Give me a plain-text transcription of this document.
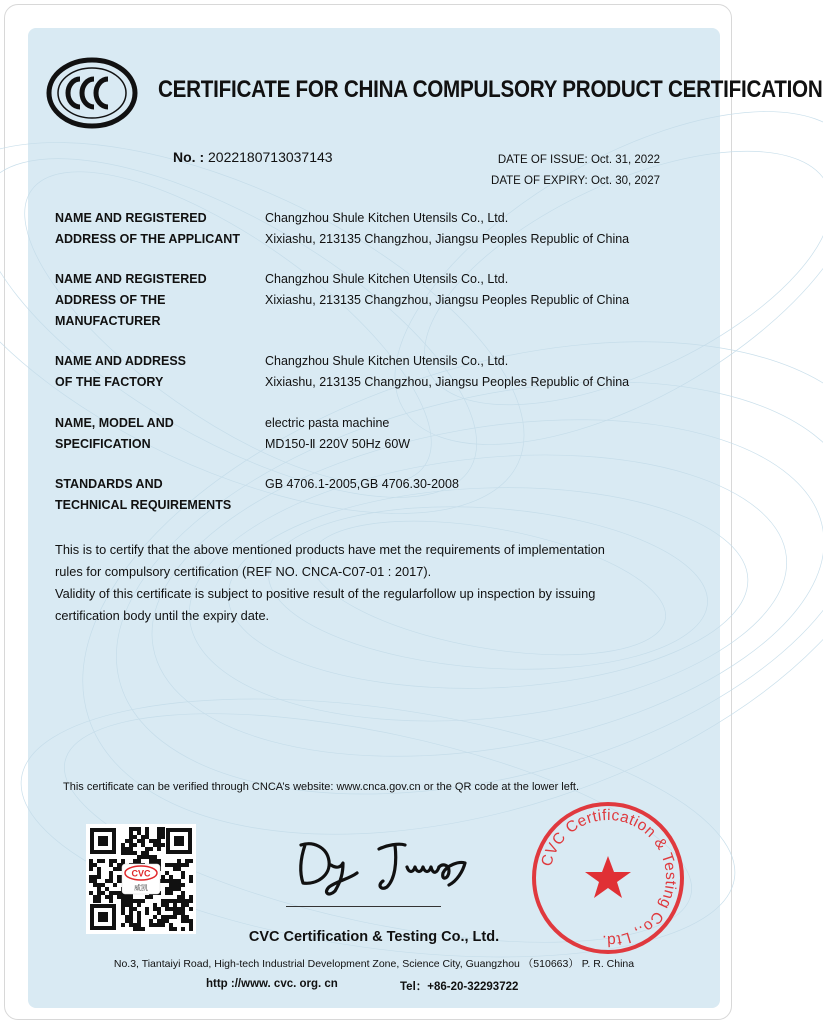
CERTIFICATE FOR CHINA COMPULSORY PRODUCT CERTIFICATION
No. : 2022180713037143	DATE OF ISSUE: Oct. 31, 2022
DATE OF EXPIRY: Oct. 30, 2027
NAME AND REGISTERED
ADDRESS OF THE APPLICANT
Changzhou Shule Kitchen Utensils Co., Ltd.
Xixiashu, 213135 Changzhou, Jiangsu Peoples Republic of China
NAME AND REGISTERED
ADDRESS OF THE
MANUFACTURER
Changzhou Shule Kitchen Utensils Co., Ltd.
Xixiashu, 213135 Changzhou, Jiangsu Peoples Republic of China
NAME AND ADDRESS
OF THE FACTORY
Changzhou Shule Kitchen Utensils Co., Ltd.
Xixiashu, 213135 Changzhou, Jiangsu Peoples Republic of China
NAME, MODEL AND
SPECIFICATION
electric pasta machine
MD150-Ⅱ 220V 50Hz 60W
STANDARDS AND
TECHNICAL REQUIREMENTS
GB 4706.1-2005,GB 4706.30-2008
This is to certify that the above mentioned products have met the requirements of implementation
rules for compulsory certification (REF NO. CNCA-C07-01 : 2017).
Validity of this certificate is subject to positive result of the regularfollow up inspection by issuing
certification body until the expiry date.
This certificate can be verified through CNCA’s website: www.cnca.gov.cn or the QR code at the lower left.
CVC
威凯
CVC Certification & Testing Co., Ltd.
CVC Certification & Testing Co., Ltd.
No.3, Tiantaiyi Road, High-tech Industrial Development Zone, Science City, Guangzhou （510663） P. R. China
http ://www. cvc. org. cn	Tel：+86-20-32293722
